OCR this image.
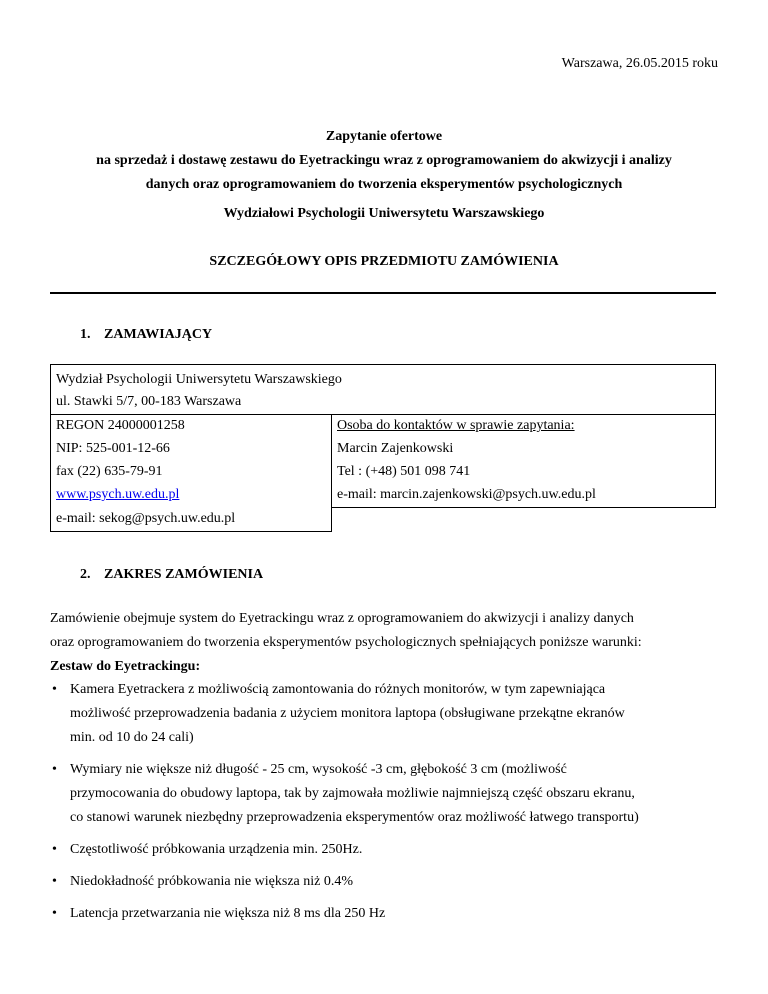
Warszawa, 26.05.2015 roku
Zapytanie ofertowe
na sprzedaż i dostawę zestawu do Eyetrackingu wraz z oprogramowaniem do akwizycji i analizy
danych oraz oprogramowaniem do tworzenia eksperymentów psychologicznych
Wydziałowi Psychologii Uniwersytetu Warszawskiego
SZCZEGÓŁOWY OPIS PRZEDMIOTU ZAMÓWIENIA
1. ZAMAWIAJĄCY
Wydział Psychologii Uniwersytetu Warszawskiego	
ul. Stawki 5/7, 00-183 Warszawa	
REGON 24000001258	Osoba do kontaktów w sprawie zapytania:
NIP: 525-001-12-66	Marcin Zajenkowski
fax (22) 635-79-91	Tel : (+48) 501 098 741
www.psych.uw.edu.pl	e-mail: marcin.zajenkowski@psych.uw.edu.pl
e-mail: sekog@psych.uw.edu.pl	
2. ZAKRES ZAMÓWIENIA
Zamówienie obejmuje system do Eyetrackingu wraz z oprogramowaniem do akwizycji i analizy danych
oraz oprogramowaniem do tworzenia eksperymentów psychologicznych spełniających poniższe warunki:
Zestaw do Eyetrackingu:
• Kamera Eyetrackera z możliwością zamontowania do różnych monitorów, w tym zapewniająca
możliwość przeprowadzenia badania z użyciem monitora laptopa (obsługiwane przekątne ekranów
min. od 10 do 24 cali)
• Wymiary nie większe niż długość - 25 cm, wysokość -3 cm, głębokość 3 cm (możliwość
przymocowania do obudowy laptopa, tak by zajmowała możliwie najmniejszą część obszaru ekranu,
co stanowi warunek niezbędny przeprowadzenia eksperymentów oraz możliwość łatwego transportu)
• Częstotliwość próbkowania urządzenia min. 250Hz.
• Niedokładność próbkowania nie większa niż 0.4%
• Latencja przetwarzania nie większa niż 8 ms dla 250 Hz
